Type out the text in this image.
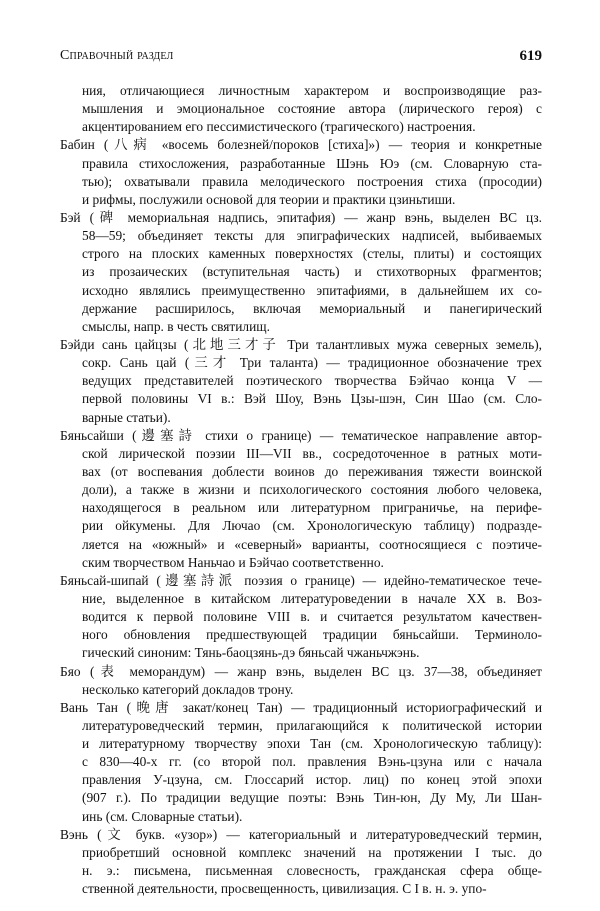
Справочный раздел	619
ния, отличающиеся личностным характером и воспроизводящие раз-
мышления и эмоциональное состояние автора (лирического героя) с
акцентированием его пессимистического (трагического) настроения.
Бабин (八病 «восемь болезней/пороков [стиха]») — теория и конкретные
правила стихосложения, разработанные Шэнь Юэ (см. Словарную ста-
тью); охватывали правила мелодического построения стиха (просодии)
и рифмы, послужили основой для теории и практики цзиньтиши.
Бэй (碑 мемориальная надпись, эпитафия) — жанр вэнь, выделен ВС цз.
58—59; объединяет тексты для эпиграфических надписей, выбиваемых
строго на плоских каменных поверхностях (стелы, плиты) и состоящих
из прозаических (вступительная часть) и стихотворных фрагментов;
исходно являлись преимущественно эпитафиями, в дальнейшем их со-
держание расширилось, включая мемориальный и панегирический
смыслы, напр. в честь святилищ.
Бэйди сань цайцзы (北地三才子 Три талантливых мужа северных земель),
сокр. Сань цай (三才 Три таланта) — традиционное обозначение трех
ведущих представителей поэтического творчества Бэйчао конца V —
первой половины VI в.: Вэй Шоу, Вэнь Цзы-шэн, Син Шао (см. Сло-
варные статьи).
Бяньсайши (邊塞詩 стихи о границе) — тематическое направление автор-
ской лирической поэзии III—VII вв., сосредоточенное в ратных моти-
вах (от воспевания доблести воинов до переживания тяжести воинской
доли), а также в жизни и психологического состояния любого человека,
находящегося в реальном или литературном приграничье, на перифе-
рии ойкумены. Для Лючао (см. Хронологическую таблицу) подразде-
ляется на «южный» и «северный» варианты, соотносящиеся с поэтиче-
ским творчеством Наньчао и Бэйчао соответственно.
Бяньсай-шипай (邊塞詩派 поэзия о границе) — идейно-тематическое тече-
ние, выделенное в китайском литературоведении в начале XX в. Воз-
водится к первой половине VIII в. и считается результатом качествен-
ного обновления предшествующей традиции бяньсайши. Терминоло-
гический синоним: Тянь-баоцзянь-дэ бяньсай чжаньчжэнь.
Бяо (表 меморандум) — жанр вэнь, выделен ВС цз. 37—38, объединяет
несколько категорий докладов трону.
Вань Тан (晚唐 закат/конец Тан) — традиционный историографический и
литературоведческий термин, прилагающийся к политической истории
и литературному творчеству эпохи Тан (см. Хронологическую таблицу):
с 830—40-х гг. (со второй пол. правления Вэнь-цзуна или с начала
правления У-цзуна, см. Глоссарий истор. лиц) по конец этой эпохи
(907 г.). По традиции ведущие поэты: Вэнь Тин-юн, Ду Му, Ли Шан-
инь (см. Словарные статьи).
Вэнь (文 букв. «узор») — категориальный и литературоведческий термин,
приобретший основной комплекс значений на протяжении I тыс. до
н. э.: письмена, письменная словесность, гражданская сфера обще-
ственной деятельности, просвещенность, цивилизация. С I в. н. э. упо-
